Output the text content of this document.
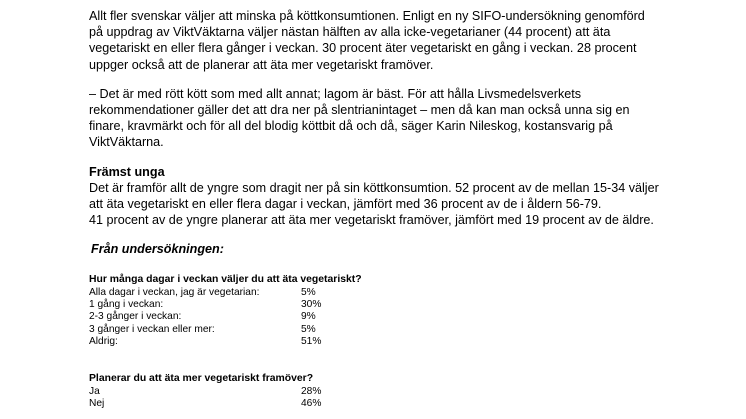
Allt fler svenskar väljer att minska på köttkonsumtionen. Enligt en ny SIFO-undersökning genomförd
på uppdrag av ViktVäktarna väljer nästan hälften av alla icke-vegetarianer (44 procent) att äta
vegetariskt en eller flera gånger i veckan. 30 procent äter vegetariskt en gång i veckan. 28 procent
uppger också att de planerar att äta mer vegetariskt framöver.

– Det är med rött kött som med allt annat; lagom är bäst. För att hålla Livsmedelsverkets
rekommendationer gäller det att dra ner på slentrianintaget – men då kan man också unna sig en
finare, kravmärkt och för all del blodig köttbit då och då, säger Karin Nileskog, kostansvarig på
ViktVäktarna.

Främst unga

Det är framför allt de yngre som dragit ner på sin köttkonsumtion. 52 procent av de mellan 15-34 väljer
att äta vegetariskt en eller flera dagar i veckan, jämfört med 36 procent av de i åldern 56-79.
41 procent av de yngre planerar att äta mer vegetariskt framöver, jämfört med 19 procent av de äldre.

Från undersökningen:

Hur många dagar i veckan väljer du att äta vegetariskt?
Alla dagar i veckan, jag är vegetarian:	5%
1 gång i veckan:	30%
2-3 gånger i veckan:	9%
3 gånger i veckan eller mer:	5%
Aldrig:	51%
Planerar du att äta mer vegetariskt framöver?
Ja	28%
Nej	46%
